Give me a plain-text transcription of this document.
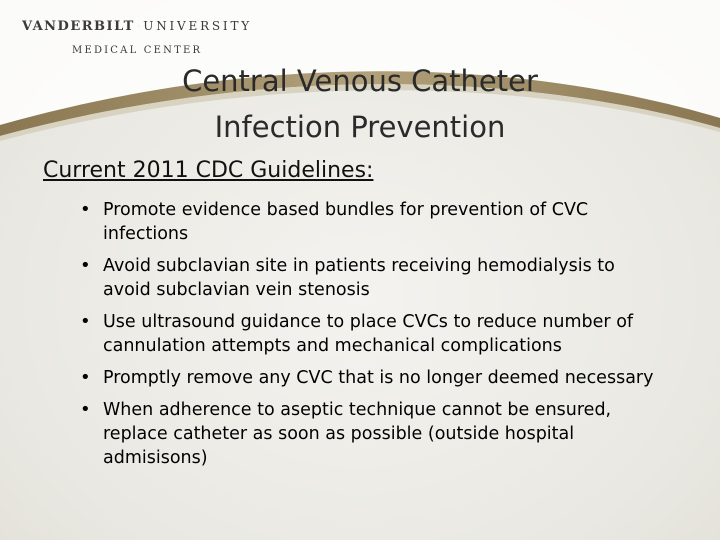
VANDERBILT UNIVERSITY
MEDICAL CENTER
Central Venous Catheter
Infection Prevention
Current 2011 CDC Guidelines:
• Promote evidence based bundles for prevention of CVC infections
• Avoid subclavian site in patients receiving hemodialysis to avoid subclavian vein stenosis
• Use ultrasound guidance to place CVCs to reduce number of cannulation attempts and mechanical complications
• Promptly remove any CVC that is no longer deemed necessary
• When adherence to aseptic technique cannot be ensured, replace catheter as soon as possible (outside hospital admisisons)
